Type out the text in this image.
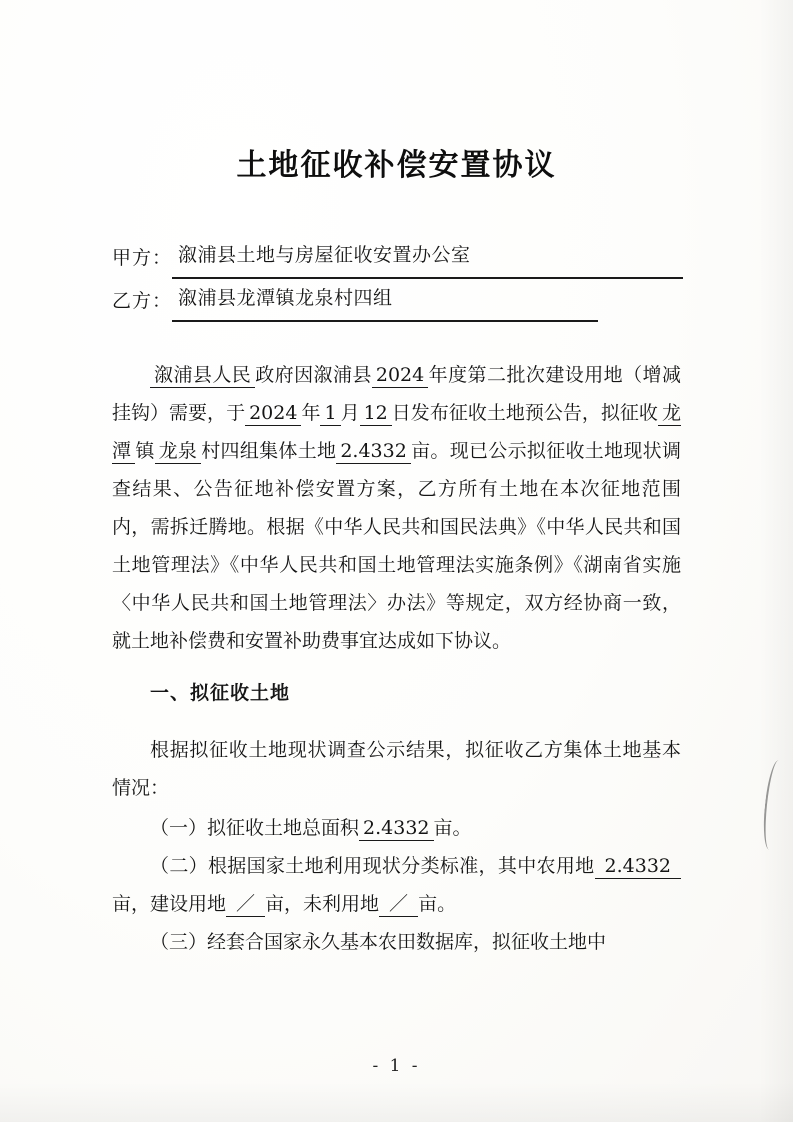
土地征收补偿安置协议
甲方： 溆浦县土地与房屋征收安置办公室
乙方： 溆浦县龙潭镇龙泉村四组

溆浦县人民 政府因溆浦县 2024 年度第二批次建设用地（增减挂钩）需要，于 2024 年 1 月 12 日发布征收土地预公告，拟征收 龙潭 镇 龙泉 村四组集体土地 2.4332 亩。现已公示拟征收土地现状调查结果、公告征地补偿安置方案，乙方所有土地在本次征地范围内，需拆迁腾地。根据《中华人民共和国民法典》《中华人民共和国土地管理法》《中华人民共和国土地管理法实施条例》《湖南省实施〈中华人民共和国土地管理法〉办法》等规定，双方经协商一致，就土地补偿费和安置补助费事宜达成如下协议。

一、拟征收土地

根据拟征收土地现状调查公示结果，拟征收乙方集体土地基本情况：

（一）拟征收土地总面积 2.4332 亩。

（二）根据国家土地利用现状分类标准，其中农用地 2.4332亩，建设用地 ／ 亩，未利用地 ／ 亩。

（三）经套合国家永久基本农田数据库，拟征收土地中

- 1 -
